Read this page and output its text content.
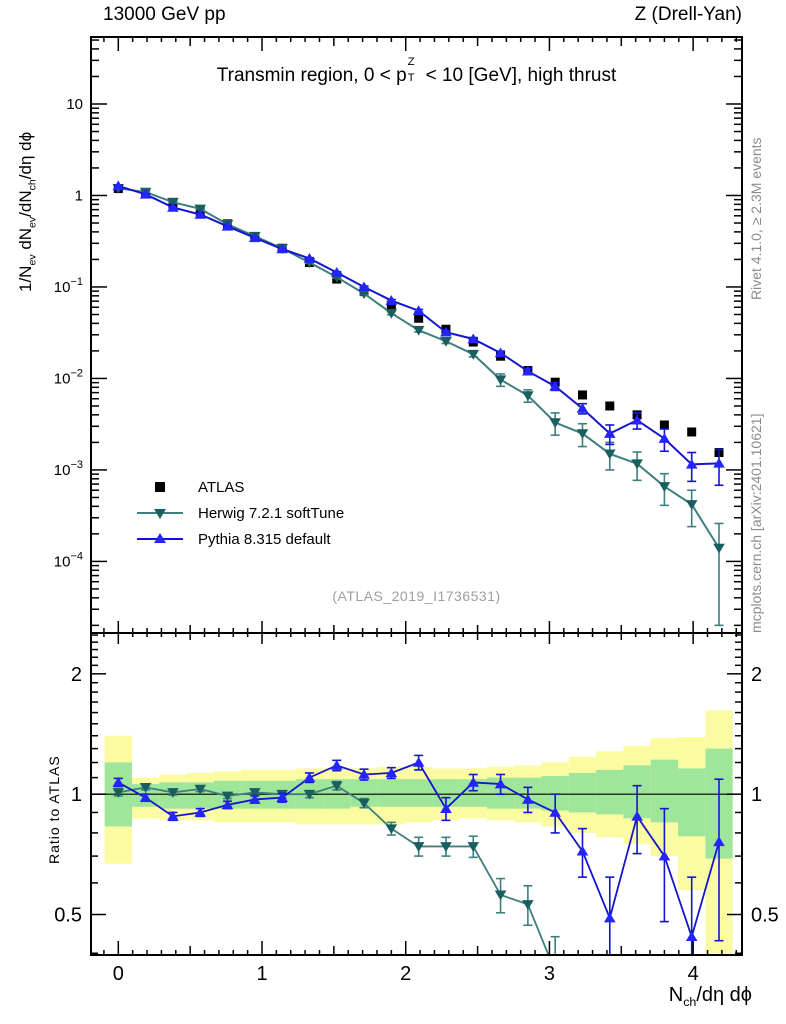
0	1	2	3	4
10
1
$10^{-1}$
$10^{-2}$
$10^{-3}$
$10^{-4}$
0.5	0.5
1	1
2	2
Rivet 4.1.0, ≥ 2.3M events
mcplots.cern.ch [arXiv:2401.10621]
13000 GeV pp	Z (Drell-Yan)
Transmin region, 0 < p
Z
T < 10 [GeV], high thrust
$1/N_{ev}$ $dN_{ev}/dN_{ch}/d\eta$ dϕ
Ratio to ATLAS
$N_{ch}/d\eta$ dϕ
(ATLAS_2019_I1736531)
ATLAS
Herwig 7.2.1 softTune
Pythia 8.315 default
